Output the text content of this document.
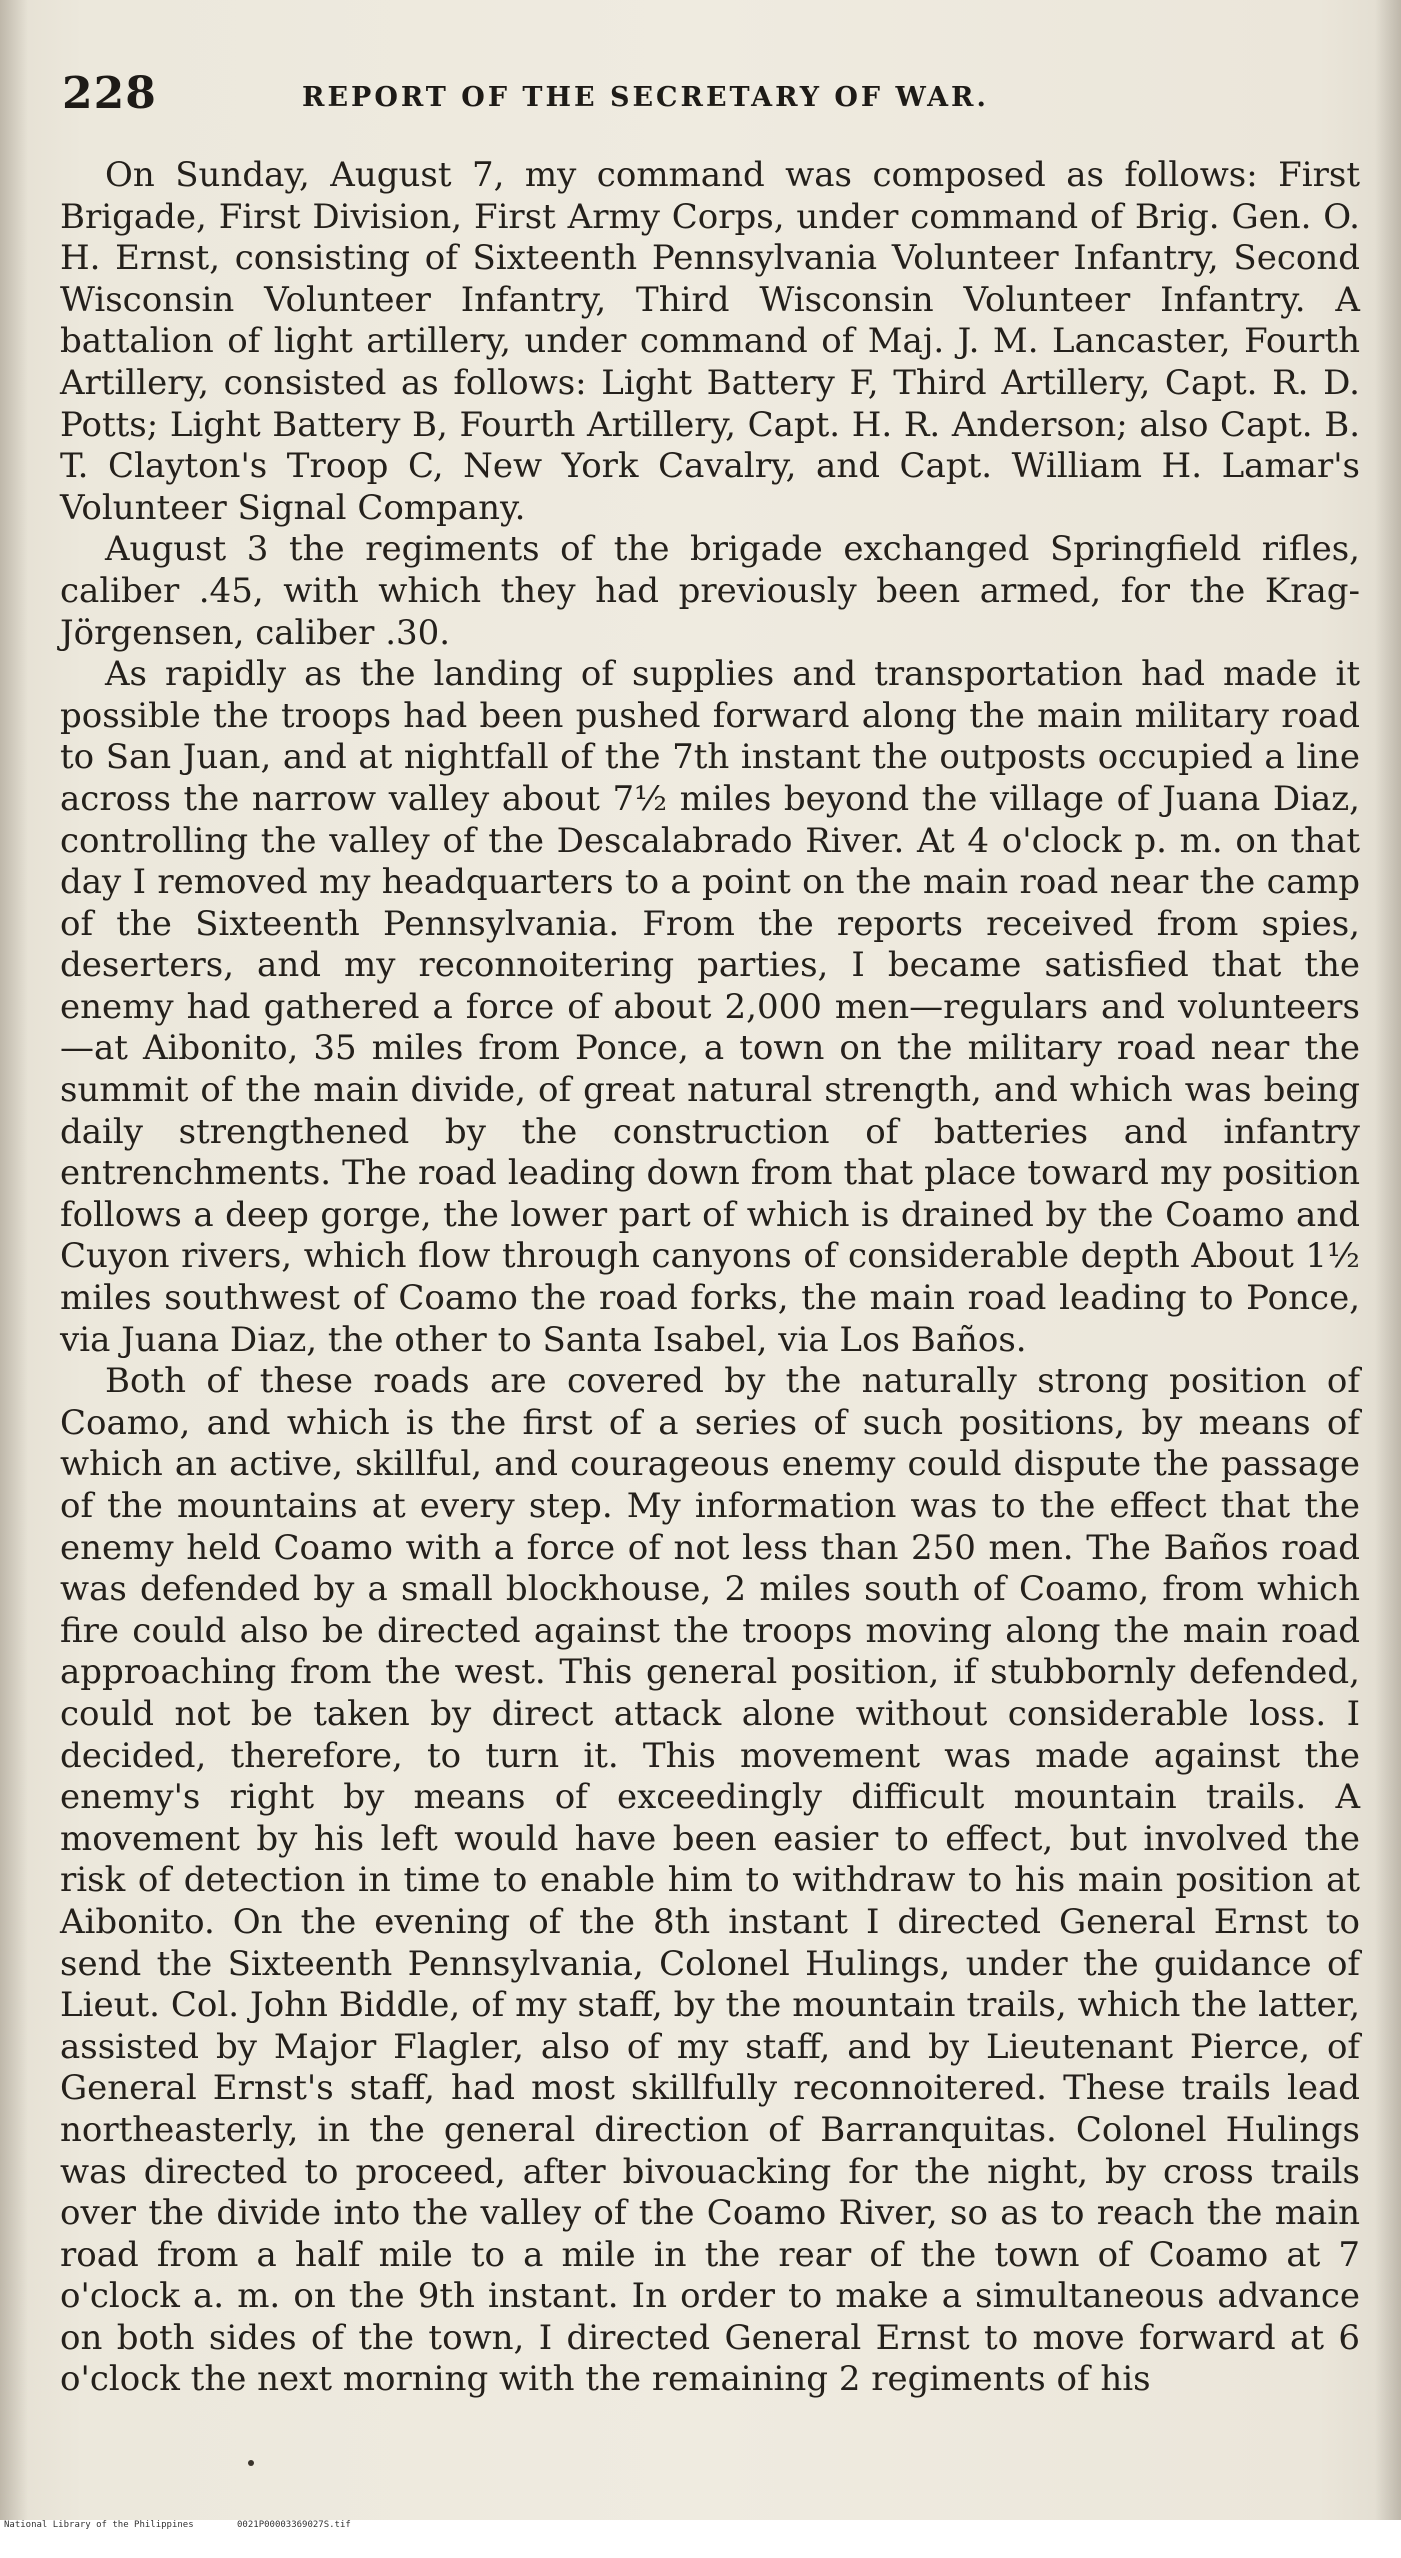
228	REPORT OF THE SECRETARY OF WAR.

On Sunday, August 7, my command was composed as follows: First Brigade, First Division, First Army Corps, under command of Brig. Gen. O. H. Ernst, consisting of Sixteenth Pennsylvania Volunteer Infantry, Second Wisconsin Volunteer Infantry, Third Wisconsin Volunteer Infantry. A battalion of light artillery, under command of Maj. J. M. Lancaster, Fourth Artillery, consisted as follows: Light Battery F, Third Artillery, Capt. R. D. Potts; Light Battery B, Fourth Artillery, Capt. H. R. Anderson; also Capt. B. T. Clayton's Troop C, New York Cavalry, and Capt. William H. Lamar's Volunteer Signal Company.

August 3 the regiments of the brigade exchanged Springfield rifles, caliber .45, with which they had previously been armed, for the Krag-Jörgensen, caliber .30.

As rapidly as the landing of supplies and transportation had made it possible the troops had been pushed forward along the main military road to San Juan, and at nightfall of the 7th instant the outposts occupied a line across the narrow valley about 7½ miles beyond the village of Juana Diaz, controlling the valley of the Descalabrado River. At 4 o'clock p. m. on that day I removed my headquarters to a point on the main road near the camp of the Sixteenth Pennsylvania. From the reports received from spies, deserters, and my reconnoitering parties, I became satisfied that the enemy had gathered a force of about 2,000 men—regulars and volunteers—at Aibonito, 35 miles from Ponce, a town on the military road near the summit of the main divide, of great natural strength, and which was being daily strengthened by the construction of batteries and infantry entrenchments. The road leading down from that place toward my position follows a deep gorge, the lower part of which is drained by the Coamo and Cuyon rivers, which flow through canyons of considerable depth About 1½ miles southwest of Coamo the road forks, the main road leading to Ponce, via Juana Diaz, the other to Santa Isabel, via Los Baños.

Both of these roads are covered by the naturally strong position of Coamo, and which is the first of a series of such positions, by means of which an active, skillful, and courageous enemy could dispute the passage of the mountains at every step. My information was to the effect that the enemy held Coamo with a force of not less than 250 men. The Baños road was defended by a small blockhouse, 2 miles south of Coamo, from which fire could also be directed against the troops moving along the main road approaching from the west. This general position, if stubbornly defended, could not be taken by direct attack alone without considerable loss. I decided, therefore, to turn it. This movement was made against the enemy's right by means of exceedingly difficult mountain trails. A movement by his left would have been easier to effect, but involved the risk of detection in time to enable him to withdraw to his main position at Aibonito. On the evening of the 8th instant I directed General Ernst to send the Sixteenth Pennsylvania, Colonel Hulings, under the guidance of Lieut. Col. John Biddle, of my staff, by the mountain trails, which the latter, assisted by Major Flagler, also of my staff, and by Lieutenant Pierce, of General Ernst's staff, had most skillfully reconnoitered. These trails lead northeasterly, in the general direction of Barranquitas. Colonel Hulings was directed to proceed, after bivouacking for the night, by cross trails over the divide into the valley of the Coamo River, so as to reach the main road from a half mile to a mile in the rear of the town of Coamo at 7 o'clock a. m. on the 9th instant. In order to make a simultaneous advance on both sides of the town, I directed General Ernst to move forward at 6 o'clock the next morning with the remaining 2 regiments of his

National Library of the Philippines	0021P00003369027S.tif
